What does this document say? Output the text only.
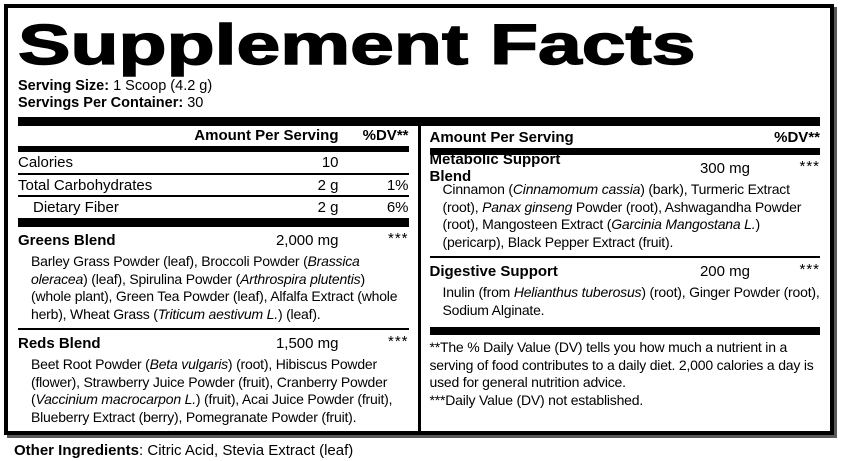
Supplement Facts
Serving Size: 1 Scoop (4.2 g)
Servings Per Container: 30
Amount Per Serving	%DV**
Calories	10
Total Carbohydrates	2 g	1%
Dietary Fiber	2 g	6%
Greens Blend	2,000 mg	***
Barley Grass Powder (leaf), Broccoli Powder (Brassica oleracea) (leaf), Spirulina Powder (Arthrospira plutentis) (whole plant), Green Tea Powder (leaf), Alfalfa Extract (whole herb), Wheat Grass (Triticum aestivum L.) (leaf).
Reds Blend	1,500 mg	***
Beet Root Powder (Beta vulgaris) (root), Hibiscus Powder (flower), Strawberry Juice Powder (fruit), Cranberry Powder (Vaccinium macrocarpon L.) (fruit), Acai Juice Powder (fruit), Blueberry Extract (berry), Pomegranate Powder (fruit).
Amount Per Serving	%DV**
Metabolic Support Blend	300 mg	***
Cinnamon (Cinnamomum cassia) (bark), Turmeric Extract (root), Panax ginseng Powder (root), Ashwagandha Powder (root), Mangosteen Extract (Garcinia Mangostana L.) (pericarp), Black Pepper Extract (fruit).
Digestive Support	200 mg	***
Inulin (from Helianthus tuberosus) (root), Ginger Powder (root), Sodium Alginate.
**The % Daily Value (DV) tells you how much a nutrient in a serving of food contributes to a daily diet. 2,000 calories a day is used for general nutrition advice.
***Daily Value (DV) not established.
Other Ingredients: Citric Acid, Stevia Extract (leaf)
